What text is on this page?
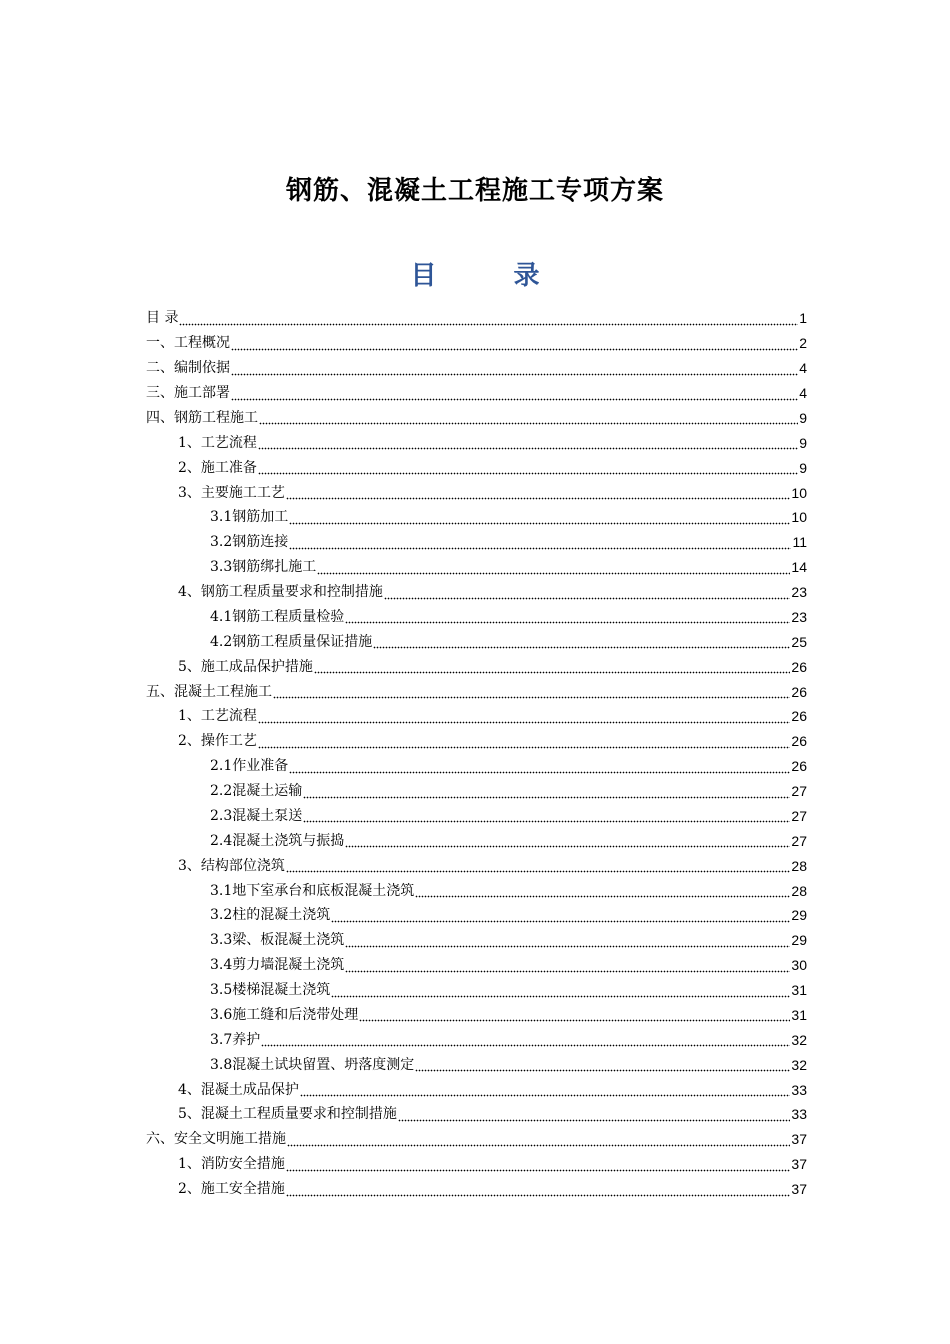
钢筋、混凝土工程施工专项方案
目 录
目 录	1
一、工程概况	2
二、编制依据	4
三、施工部署	4
四、钢筋工程施工	9
1、工艺流程	9
2、施工准备	9
3、主要施工工艺	10
3.1钢筋加工	10
3.2钢筋连接	11
3.3钢筋绑扎施工	14
4、钢筋工程质量要求和控制措施	23
4.1钢筋工程质量检验	23
4.2钢筋工程质量保证措施	25
5、施工成品保护措施	26
五、混凝土工程施工	26
1、工艺流程	26
2、操作工艺	26
2.1作业准备	26
2.2混凝土运输	27
2.3混凝土泵送	27
2.4混凝土浇筑与振捣	27
3、结构部位浇筑	28
3.1地下室承台和底板混凝土浇筑	28
3.2柱的混凝土浇筑	29
3.3梁、板混凝土浇筑	29
3.4剪力墙混凝土浇筑	30
3.5楼梯混凝土浇筑	31
3.6施工缝和后浇带处理	31
3.7养护	32
3.8混凝土试块留置、坍落度测定	32
4、混凝土成品保护	33
5、混凝土工程质量要求和控制措施	33
六、安全文明施工措施	37
1、消防安全措施	37
2、施工安全措施	37
